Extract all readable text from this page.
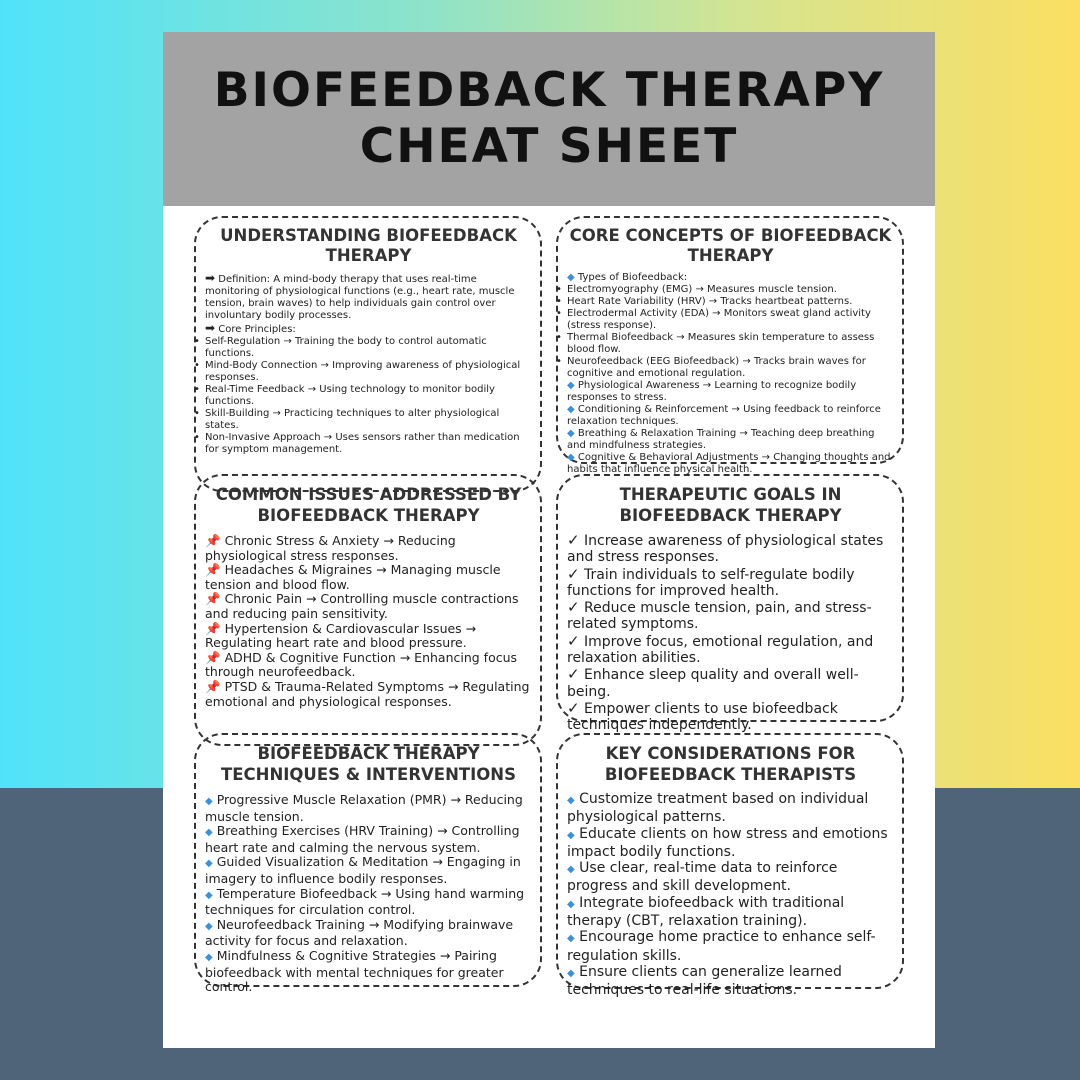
BIOFEEDBACK THERAPY
CHEAT SHEET
UNDERSTANDING BIOFEEDBACK THERAPY
➡ Definition: A mind-body therapy that uses real-time monitoring of physiological functions (e.g., heart rate, muscle tension, brain waves) to help individuals gain control over involuntary bodily processes.
➡ Core Principles:
• Self-Regulation → Training the body to control automatic functions.
• Mind-Body Connection → Improving awareness of physiological responses.
• Real-Time Feedback → Using technology to monitor bodily functions.
• Skill-Building → Practicing techniques to alter physiological states.
• Non-Invasive Approach → Uses sensors rather than medication for symptom management.
CORE CONCEPTS OF BIOFEEDBACK THERAPY
◆ Types of Biofeedback:
• Electromyography (EMG) → Measures muscle tension.
• Heart Rate Variability (HRV) → Tracks heartbeat patterns.
• Electrodermal Activity (EDA) → Monitors sweat gland activity (stress response).
• Thermal Biofeedback → Measures skin temperature to assess blood flow.
• Neurofeedback (EEG Biofeedback) → Tracks brain waves for cognitive and emotional regulation.
◆ Physiological Awareness → Learning to recognize bodily responses to stress.
◆ Conditioning & Reinforcement → Using feedback to reinforce relaxation techniques.
◆ Breathing & Relaxation Training → Teaching deep breathing and mindfulness strategies.
◆ Cognitive & Behavioral Adjustments → Changing thoughts and habits that influence physical health.
COMMON ISSUES ADDRESSED BY BIOFEEDBACK THERAPY
📌 Chronic Stress & Anxiety → Reducing physiological stress responses.
📌 Headaches & Migraines → Managing muscle tension and blood flow.
📌 Chronic Pain → Controlling muscle contractions and reducing pain sensitivity.
📌 Hypertension & Cardiovascular Issues → Regulating heart rate and blood pressure.
📌 ADHD & Cognitive Function → Enhancing focus through neurofeedback.
📌 PTSD & Trauma-Related Symptoms → Regulating emotional and physiological responses.
THERAPEUTIC GOALS IN BIOFEEDBACK THERAPY
✓ Increase awareness of physiological states and stress responses.
✓ Train individuals to self-regulate bodily functions for improved health.
✓ Reduce muscle tension, pain, and stress-related symptoms.
✓ Improve focus, emotional regulation, and relaxation abilities.
✓ Enhance sleep quality and overall well-being.
✓ Empower clients to use biofeedback techniques independently.
BIOFEEDBACK THERAPY TECHNIQUES & INTERVENTIONS
◆ Progressive Muscle Relaxation (PMR) → Reducing muscle tension.
◆ Breathing Exercises (HRV Training) → Controlling heart rate and calming the nervous system.
◆ Guided Visualization & Meditation → Engaging in imagery to influence bodily responses.
◆ Temperature Biofeedback → Using hand warming techniques for circulation control.
◆ Neurofeedback Training → Modifying brainwave activity for focus and relaxation.
◆ Mindfulness & Cognitive Strategies → Pairing biofeedback with mental techniques for greater control.
KEY CONSIDERATIONS FOR BIOFEEDBACK THERAPISTS
◆ Customize treatment based on individual physiological patterns.
◆ Educate clients on how stress and emotions impact bodily functions.
◆ Use clear, real-time data to reinforce progress and skill development.
◆ Integrate biofeedback with traditional therapy (CBT, relaxation training).
◆ Encourage home practice to enhance self-regulation skills.
◆ Ensure clients can generalize learned techniques to real-life situations.
